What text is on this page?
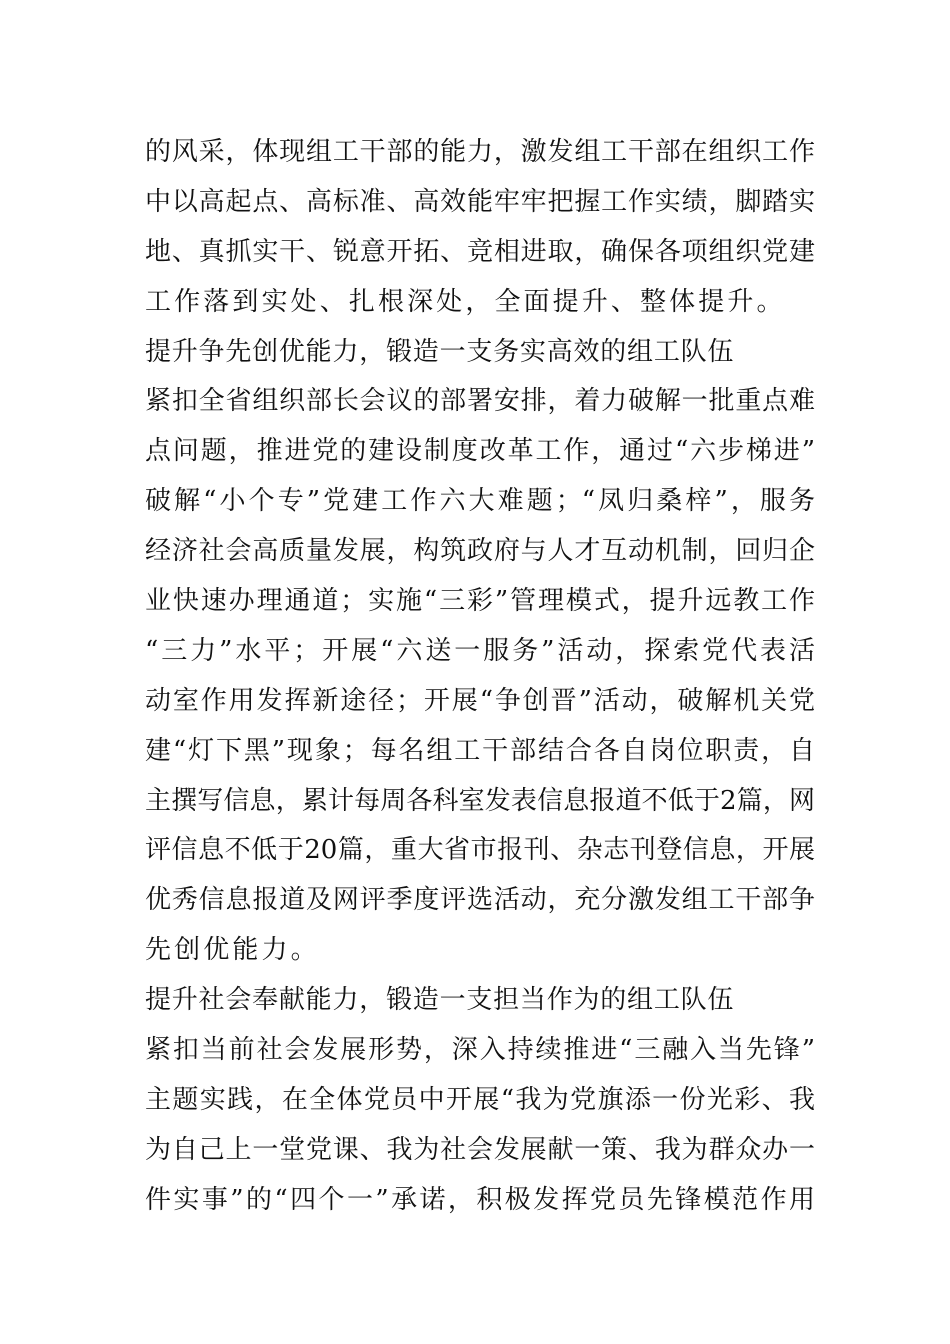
的风采，体现组工干部的能力，激发组工干部在组织工作
中以高起点、高标准、高效能牢牢把握工作实绩，脚踏实
地、真抓实干、锐意开拓、竞相进取，确保各项组织党建
工作落到实处、扎根深处，全面提升、整体提升。
提升争先创优能力，锻造一支务实高效的组工队伍
紧扣全省组织部长会议的部署安排，着力破解一批重点难
点问题，推进党的建设制度改革工作，通过“六步梯进”
破解“小个专”党建工作六大难题；“凤归桑梓”，服务
经济社会高质量发展，构筑政府与人才互动机制，回归企
业快速办理通道；实施“三彩”管理模式，提升远教工作
“三力”水平；开展“六送一服务”活动，探索党代表活
动室作用发挥新途径；开展“争创晋”活动，破解机关党
建“灯下黑”现象；每名组工干部结合各自岗位职责，自
主撰写信息，累计每周各科室发表信息报道不低于2篇，网
评信息不低于20篇，重大省市报刊、杂志刊登信息，开展
优秀信息报道及网评季度评选活动，充分激发组工干部争
先创优能力。
提升社会奉献能力，锻造一支担当作为的组工队伍
紧扣当前社会发展形势，深入持续推进“三融入当先锋”
主题实践，在全体党员中开展“我为党旗添一份光彩、我
为自己上一堂党课、我为社会发展献一策、我为群众办一
件实事”的“四个一”承诺，积极发挥党员先锋模范作用
